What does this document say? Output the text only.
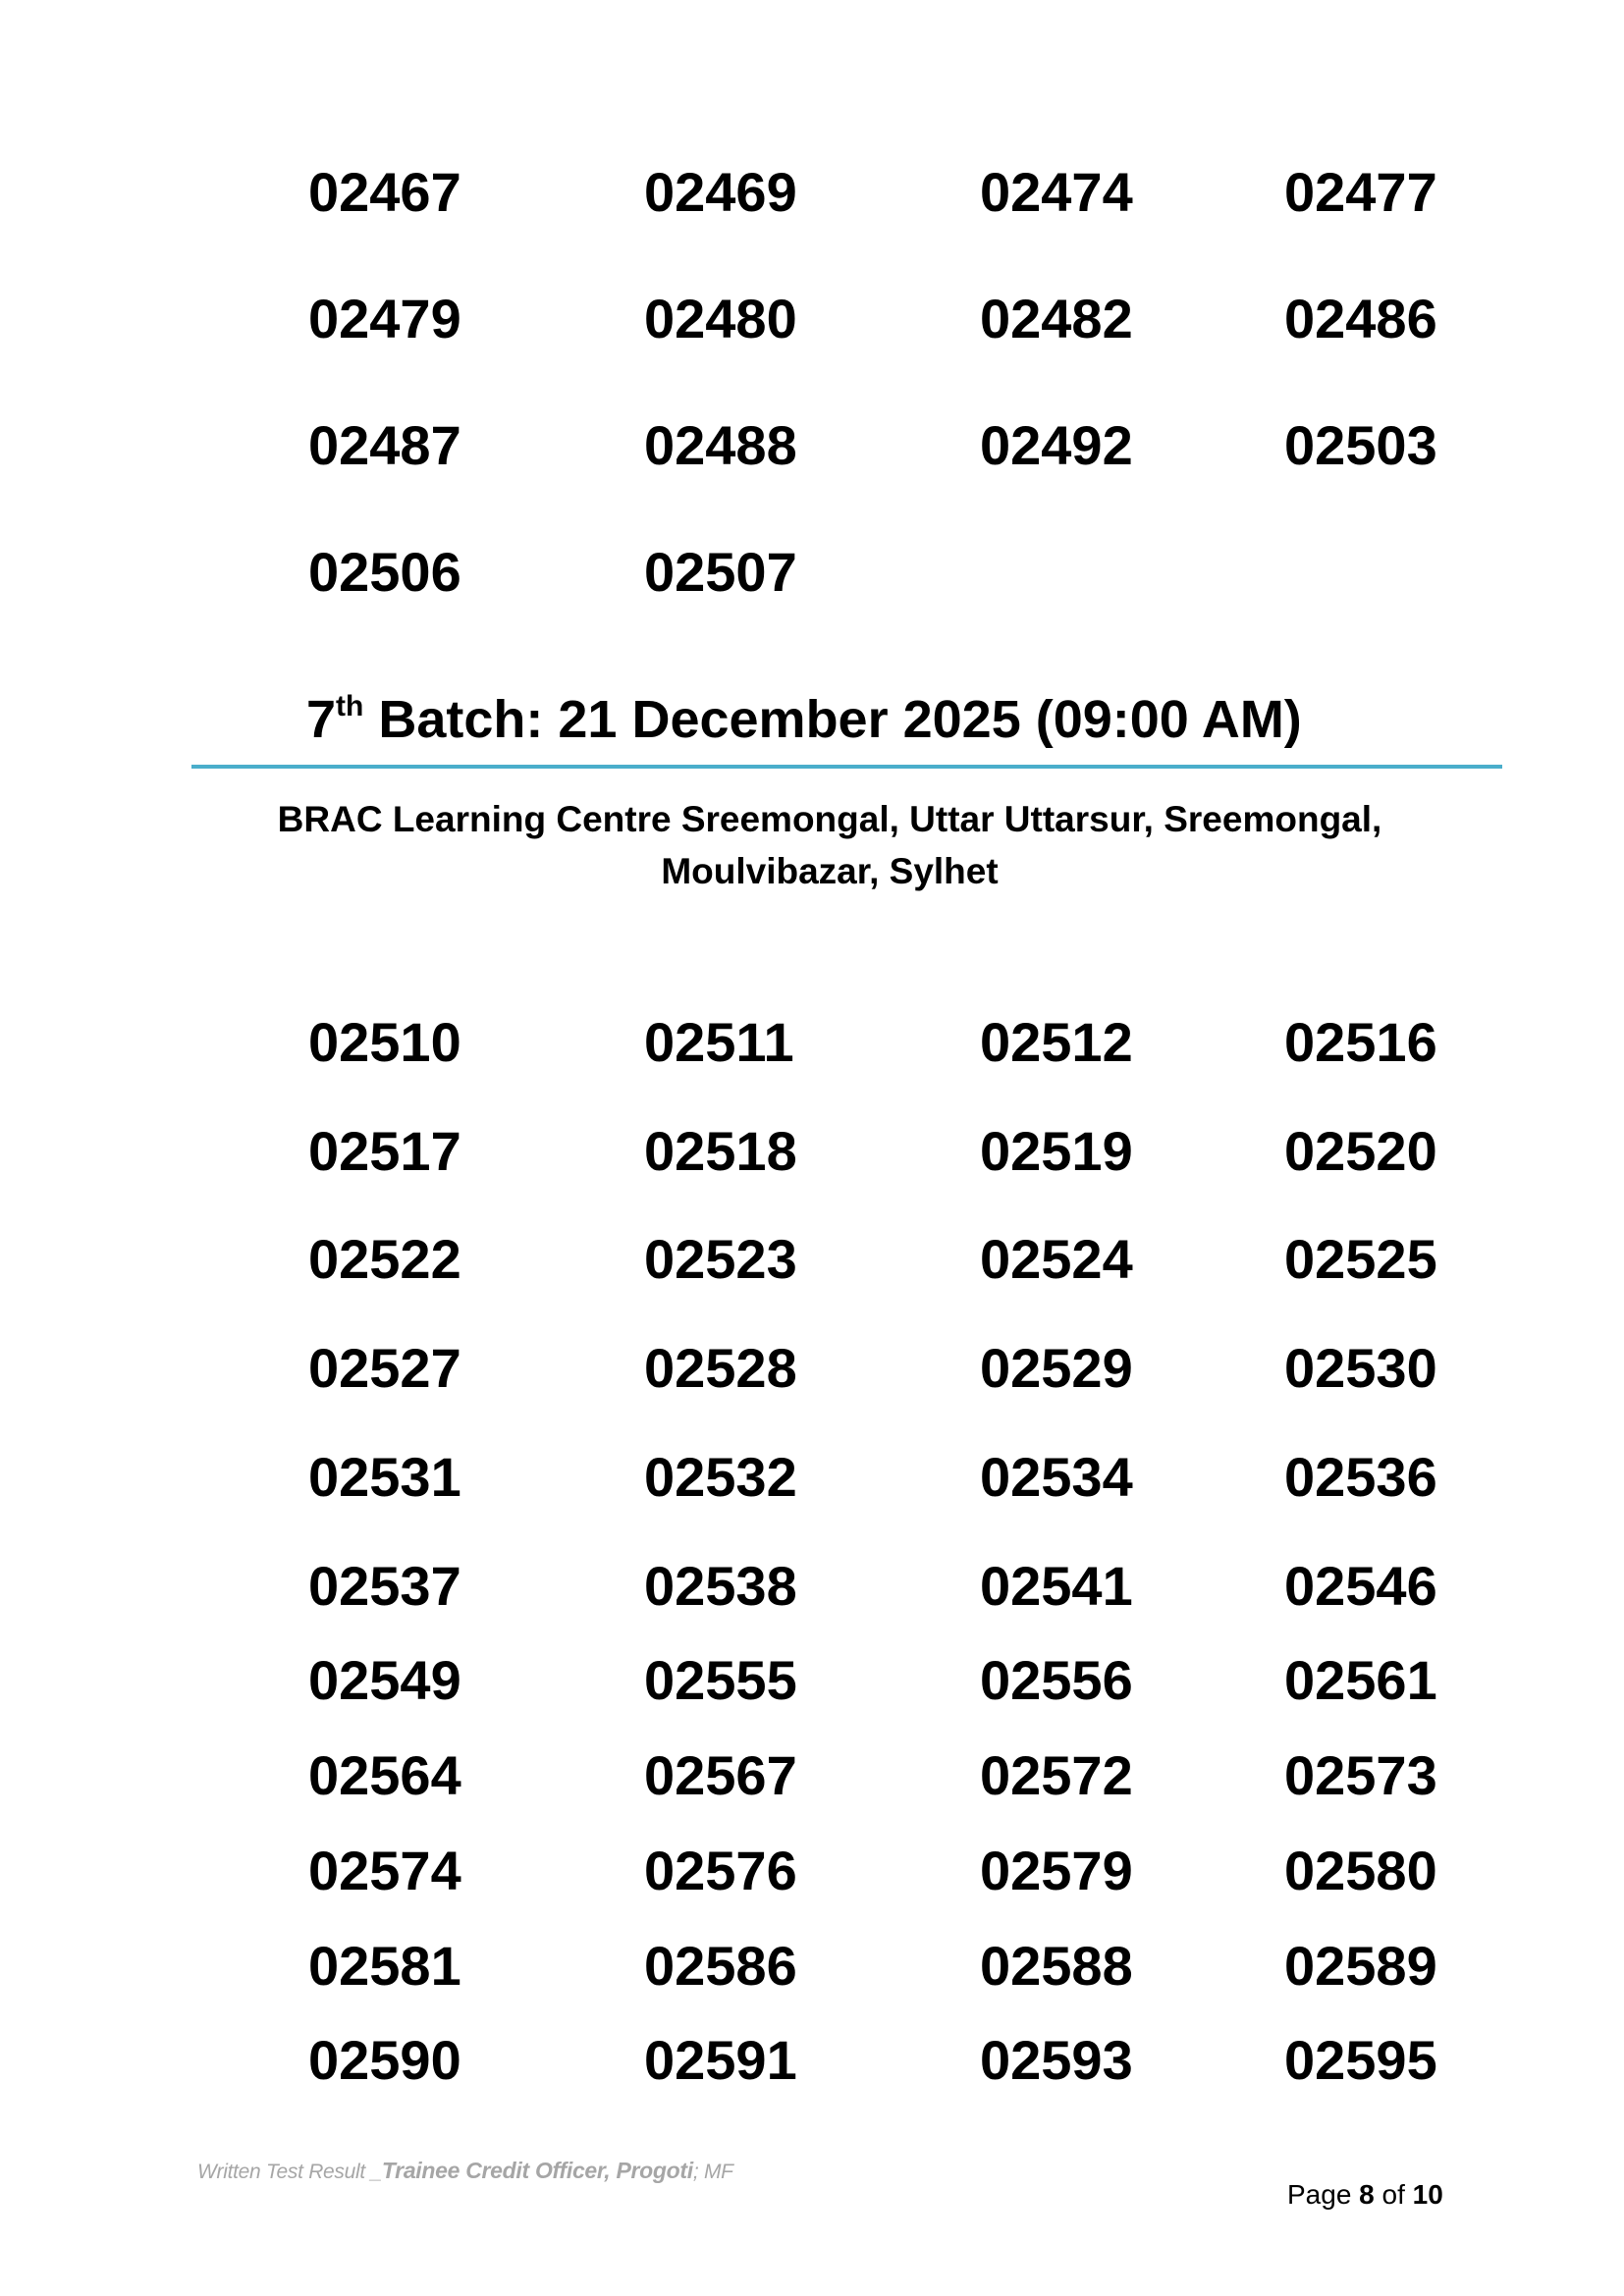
02467	02469	02474	02477
02479	02480	02482	02486
02487	02488	02492	02503
02506	02507
7th Batch: 21 December 2025 (09:00 AM)
BRAC Learning Centre Sreemongal, Uttar Uttarsur, Sreemongal,
Moulvibazar, Sylhet
02510	02511	02512	02516
02517	02518	02519	02520
02522	02523	02524	02525
02527	02528	02529	02530
02531	02532	02534	02536
02537	02538	02541	02546
02549	02555	02556	02561
02564	02567	02572	02573
02574	02576	02579	02580
02581	02586	02588	02589
02590	02591	02593	02595
Written Test Result _Trainee Credit Officer, Progoti; MF
Page 8 of 10
